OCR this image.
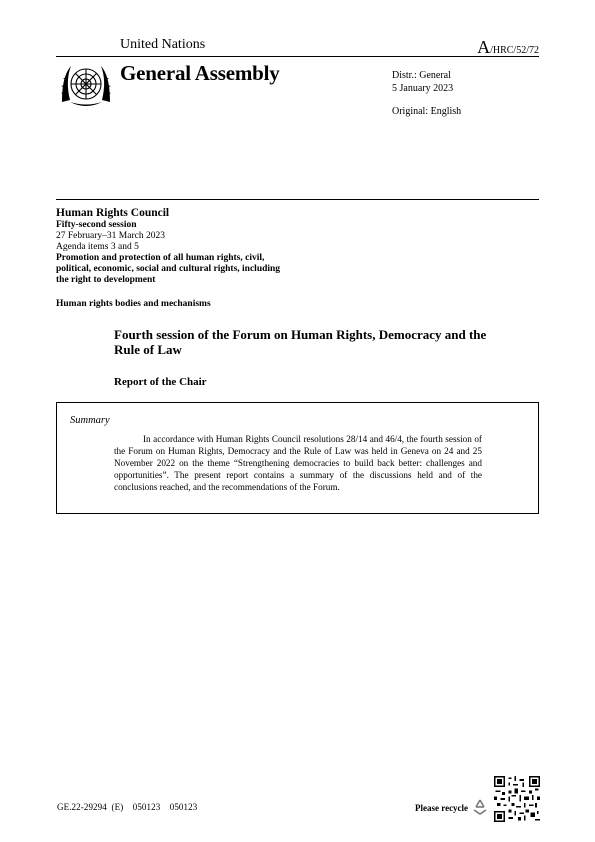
United Nations	A/HRC/52/72
General Assembly	Distr.: General
5 January 2023
Original: English
Human Rights Council
Fifty-second session
27 February–31 March 2023
Agenda items 3 and 5
Promotion and protection of all human rights, civil, political, economic, social and cultural rights, including the right to development
Human rights bodies and mechanisms
Fourth session of the Forum on Human Rights, Democracy and the Rule of Law
Report of the Chair
Summary
In accordance with Human Rights Council resolutions 28/14 and 46/4, the fourth session of the Forum on Human Rights, Democracy and the Rule of Law was held in Geneva on 24 and 25 November 2022 on the theme “Strengthening democracies to build back better: challenges and opportunities”. The present report contains a summary of the discussions held and of the conclusions reached, and the recommendations of the Forum.
GE.22-29294  (E)    050123    050123	Please recycle
